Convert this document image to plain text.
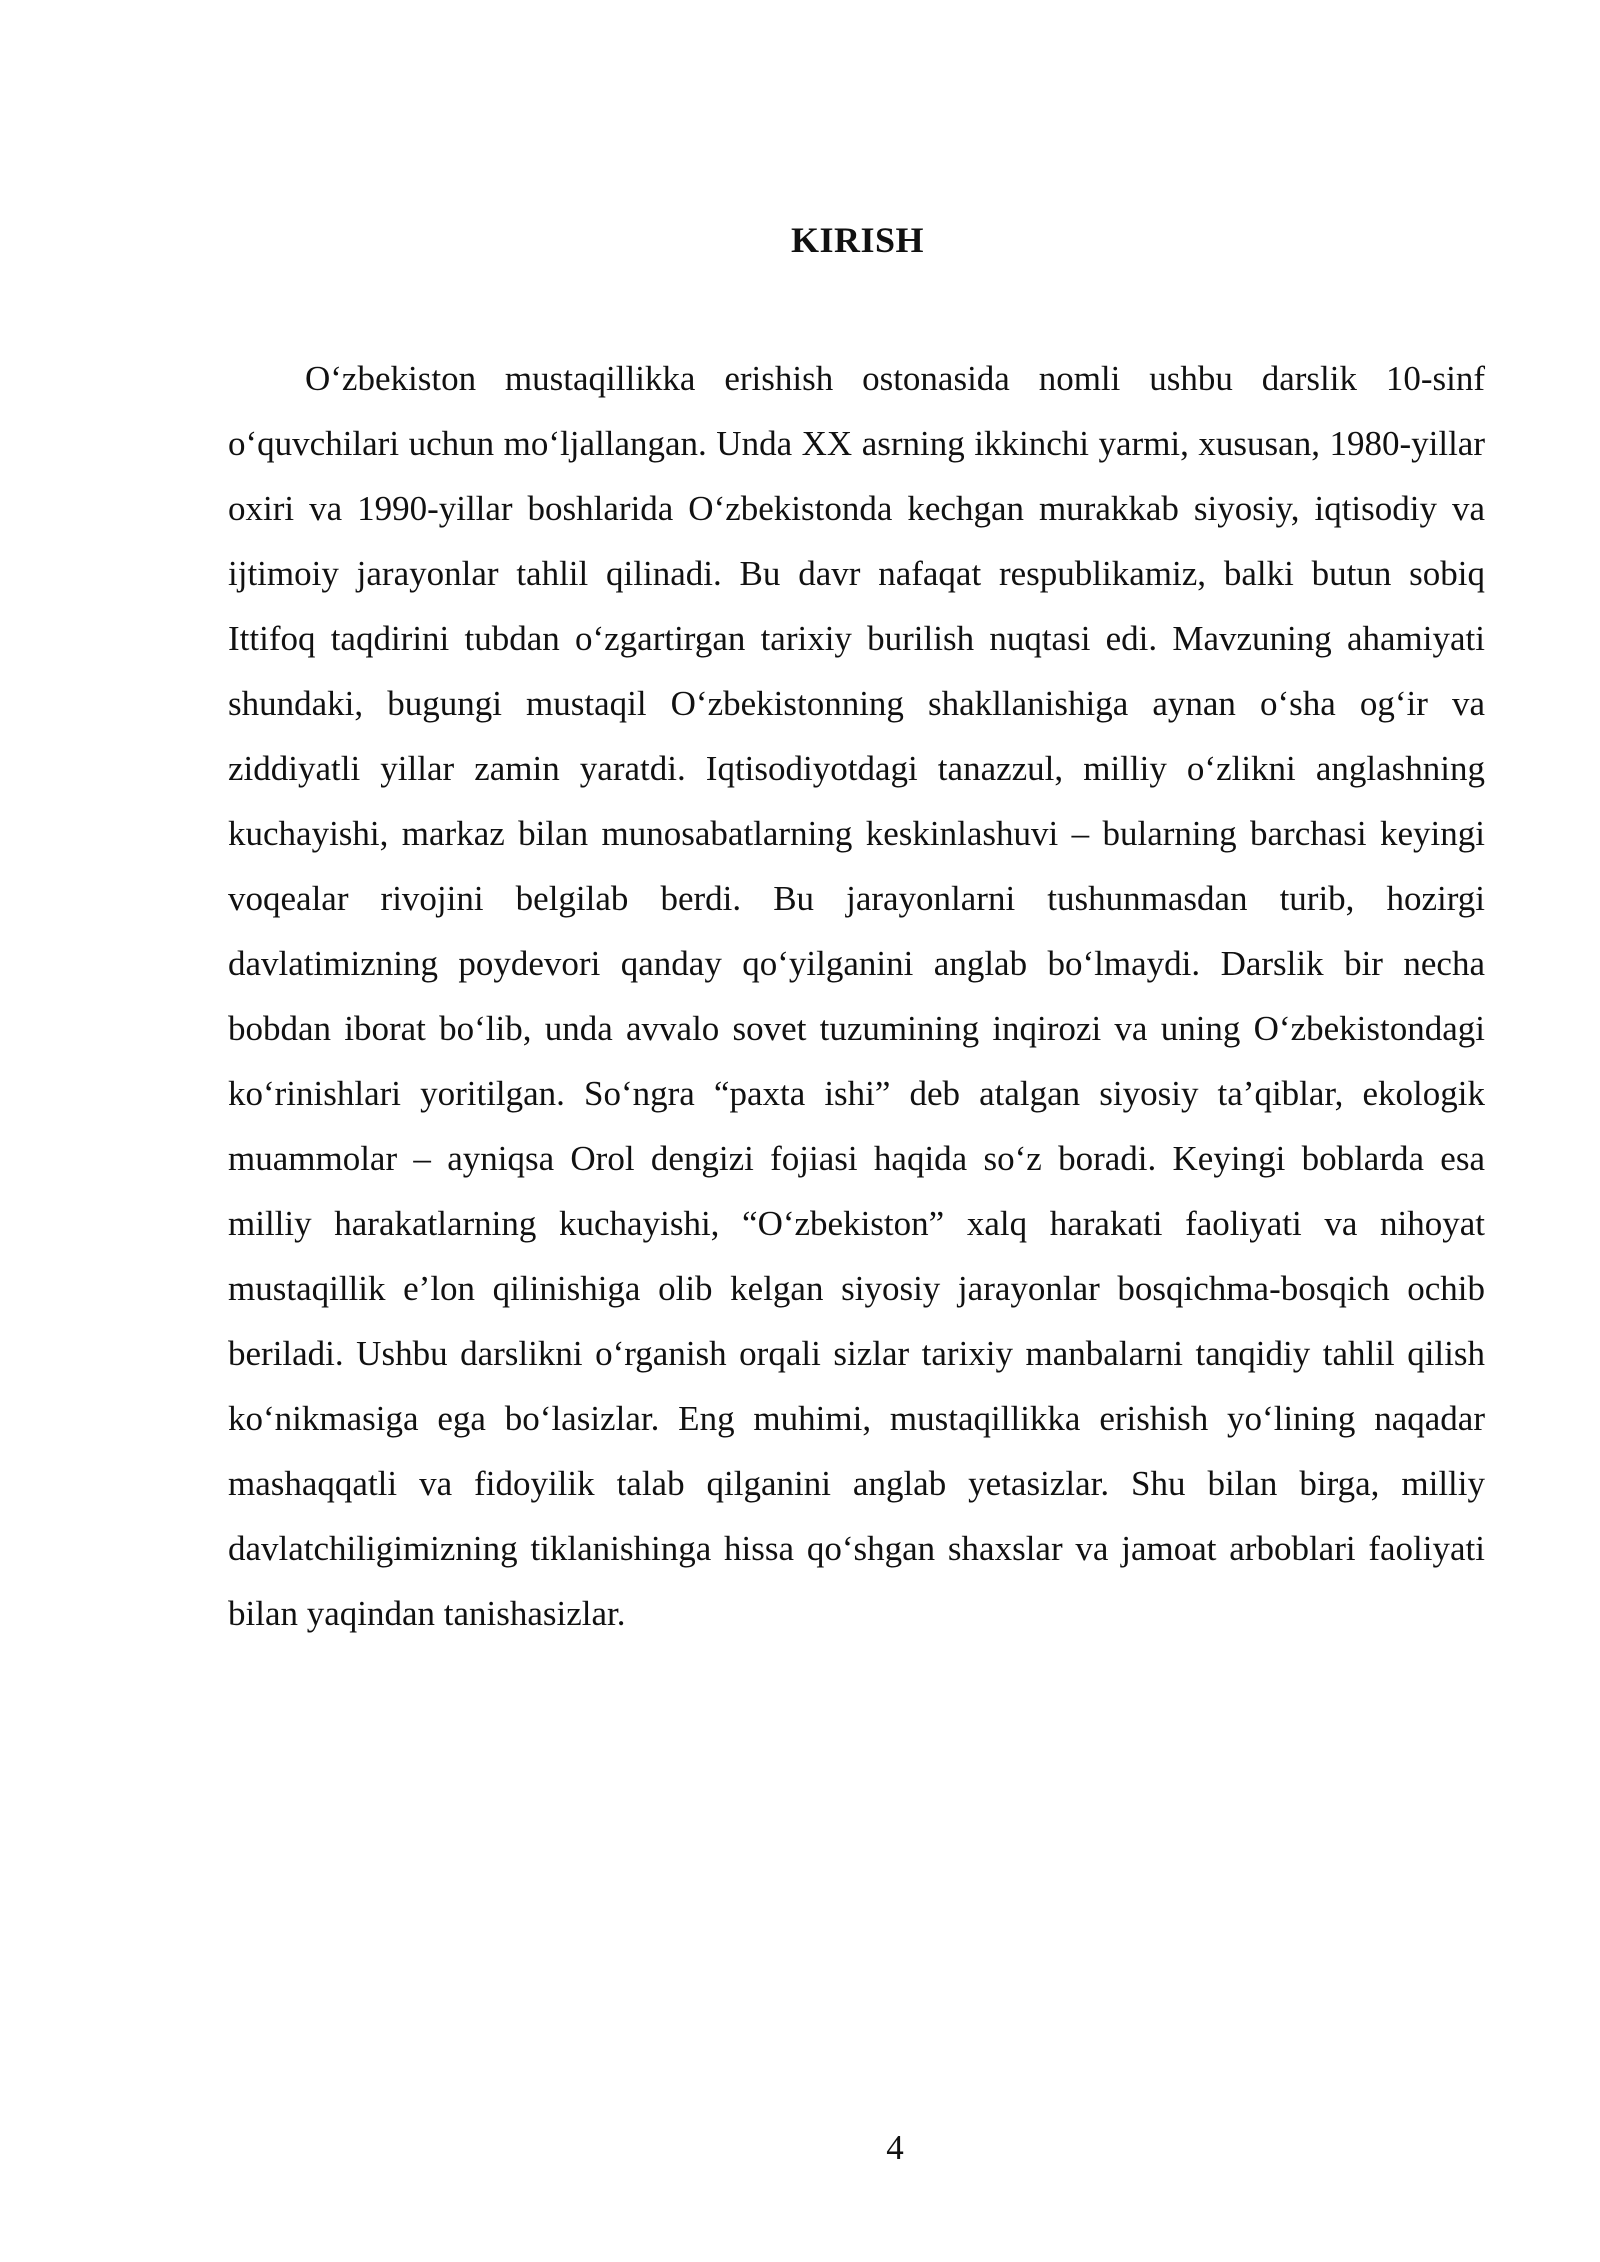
KIRISH

O‘zbekiston mustaqillikka erishish ostonasida nomli ushbu darslik 10-sinf o‘quvchilari uchun mo‘ljallangan. Unda XX asrning ikkinchi yarmi, xususan, 1980-yillar oxiri va 1990-yillar boshlarida O‘zbekistonda kechgan murakkab siyosiy, iqtisodiy va ijtimoiy jarayonlar tahlil qilinadi. Bu davr nafaqat respublikamiz, balki butun sobiq Ittifoq taqdirini tubdan o‘zgartirgan tarixiy burilish nuqtasi edi. Mavzuning ahamiyati shundaki, bugungi mustaqil O‘zbekistonning shakllanishiga aynan o‘sha og‘ir va ziddiyatli yillar zamin yaratdi. Iqtisodiyotdagi tanazzul, milliy o‘zlikni anglashning kuchayishi, markaz bilan munosabatlarning keskinlashuvi – bularning barchasi keyingi voqealar rivojini belgilab berdi. Bu jarayonlarni tushunmasdan turib, hozirgi davlatimizning poydevori qanday qo‘yilganini anglab bo‘lmaydi. Darslik bir necha bobdan iborat bo‘lib, unda avvalo sovet tuzumining inqirozi va uning O‘zbekistondagi ko‘rinishlari yoritilgan. So‘ngra “paxta ishi” deb atalgan siyosiy ta’qiblar, ekologik muammolar – ayniqsa Orol dengizi fojiasi haqida so‘z boradi. Keyingi boblarda esa milliy harakatlarning kuchayishi, “O‘zbekiston” xalq harakati faoliyati va nihoyat mustaqillik e’lon qilinishiga olib kelgan siyosiy jarayonlar bosqichma-bosqich ochib beriladi. Ushbu darslikni o‘rganish orqali sizlar tarixiy manbalarni tanqidiy tahlil qilish ko‘nikmasiga ega bo‘lasizlar. Eng muhimi, mustaqillikka erishish yo‘lining naqadar mashaqqatli va fidoyilik talab qilganini anglab yetasizlar. Shu bilan birga, milliy davlatchiligimizning tiklanishinga hissa qo‘shgan shaxslar va jamoat arboblari faoliyati bilan yaqindan tanishasizlar.

4
